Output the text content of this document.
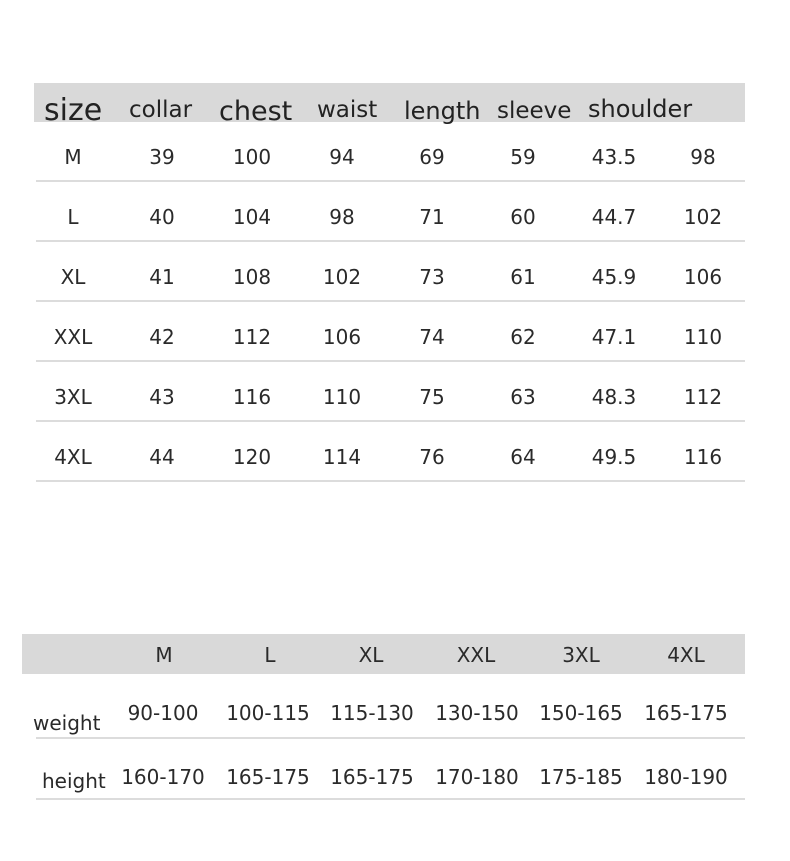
size collar chest waist length sleeve shoulder
M	39	100	94	69	59	43.5	98
L	40	104	98	71	60	44.7 102
XL	41	108	102	73	61	45.9 106
XXL	42	112	106	74	62	47.1 110
3XL	43	116	110	75	63	48.3 112
4XL	44	120	114	76	64	49.5 116
M	L	XL	XXL	3XL	4XL
weight 90-100 100-115 115-130 130-150 150-165 165-175
height 160-170 165-175 165-175 170-180 175-185 180-190
